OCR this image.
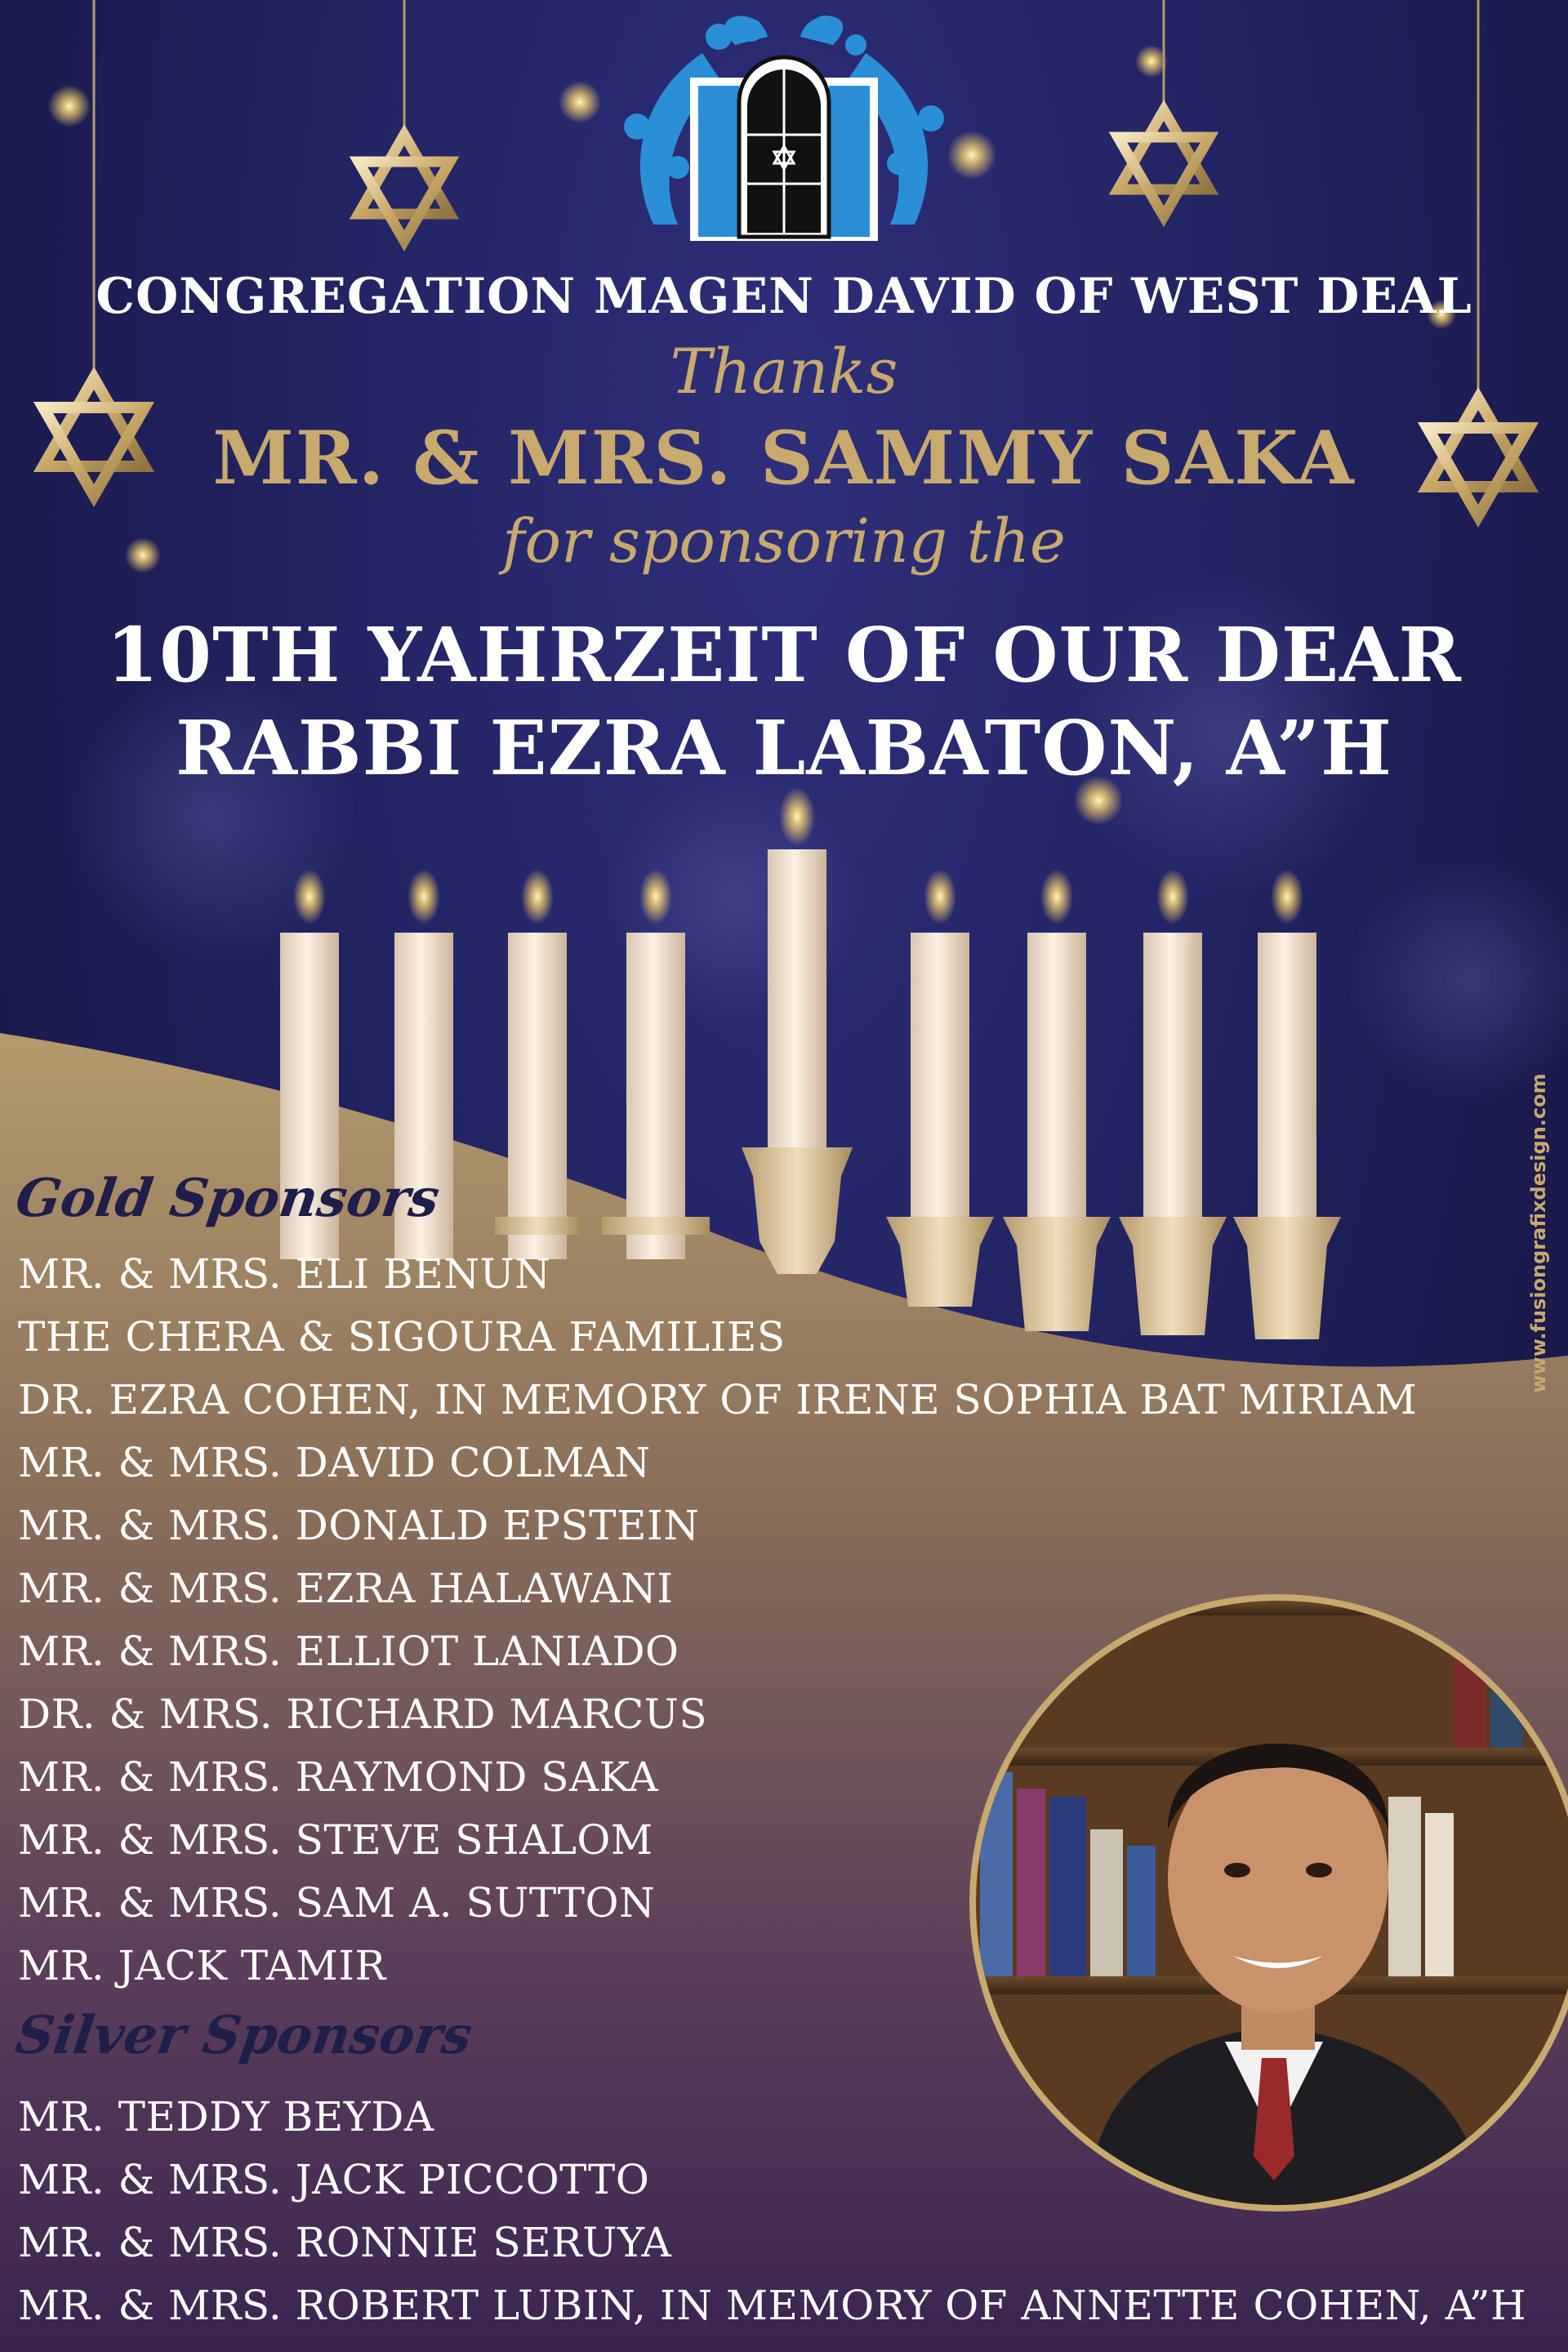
CONGREGATION MAGEN DAVID OF WEST DEAL
Thanks
MR. & MRS. SAMMY SAKA
for sponsoring the
10TH YAHRZEIT OF OUR DEAR
RABBI EZRA LABATON, A”H
Gold Sponsors
MR. & MRS. ELI BENUN
THE CHERA & SIGOURA FAMILIES
DR. EZRA COHEN, IN MEMORY OF IRENE SOPHIA BAT MIRIAM
MR. & MRS. DAVID COLMAN
MR. & MRS. DONALD EPSTEIN
MR. & MRS. EZRA HALAWANI
MR. & MRS. ELLIOT LANIADO
DR. & MRS. RICHARD MARCUS
MR. & MRS. RAYMOND SAKA
MR. & MRS. STEVE SHALOM
MR. & MRS. SAM A. SUTTON
MR. JACK TAMIR
Silver Sponsors
MR. TEDDY BEYDA
MR. & MRS. JACK PICCOTTO
MR. & MRS. RONNIE SERUYA
MR. & MRS. ROBERT LUBIN, IN MEMORY OF ANNETTE COHEN, A”H
www.fusiongrafixdesign.com
